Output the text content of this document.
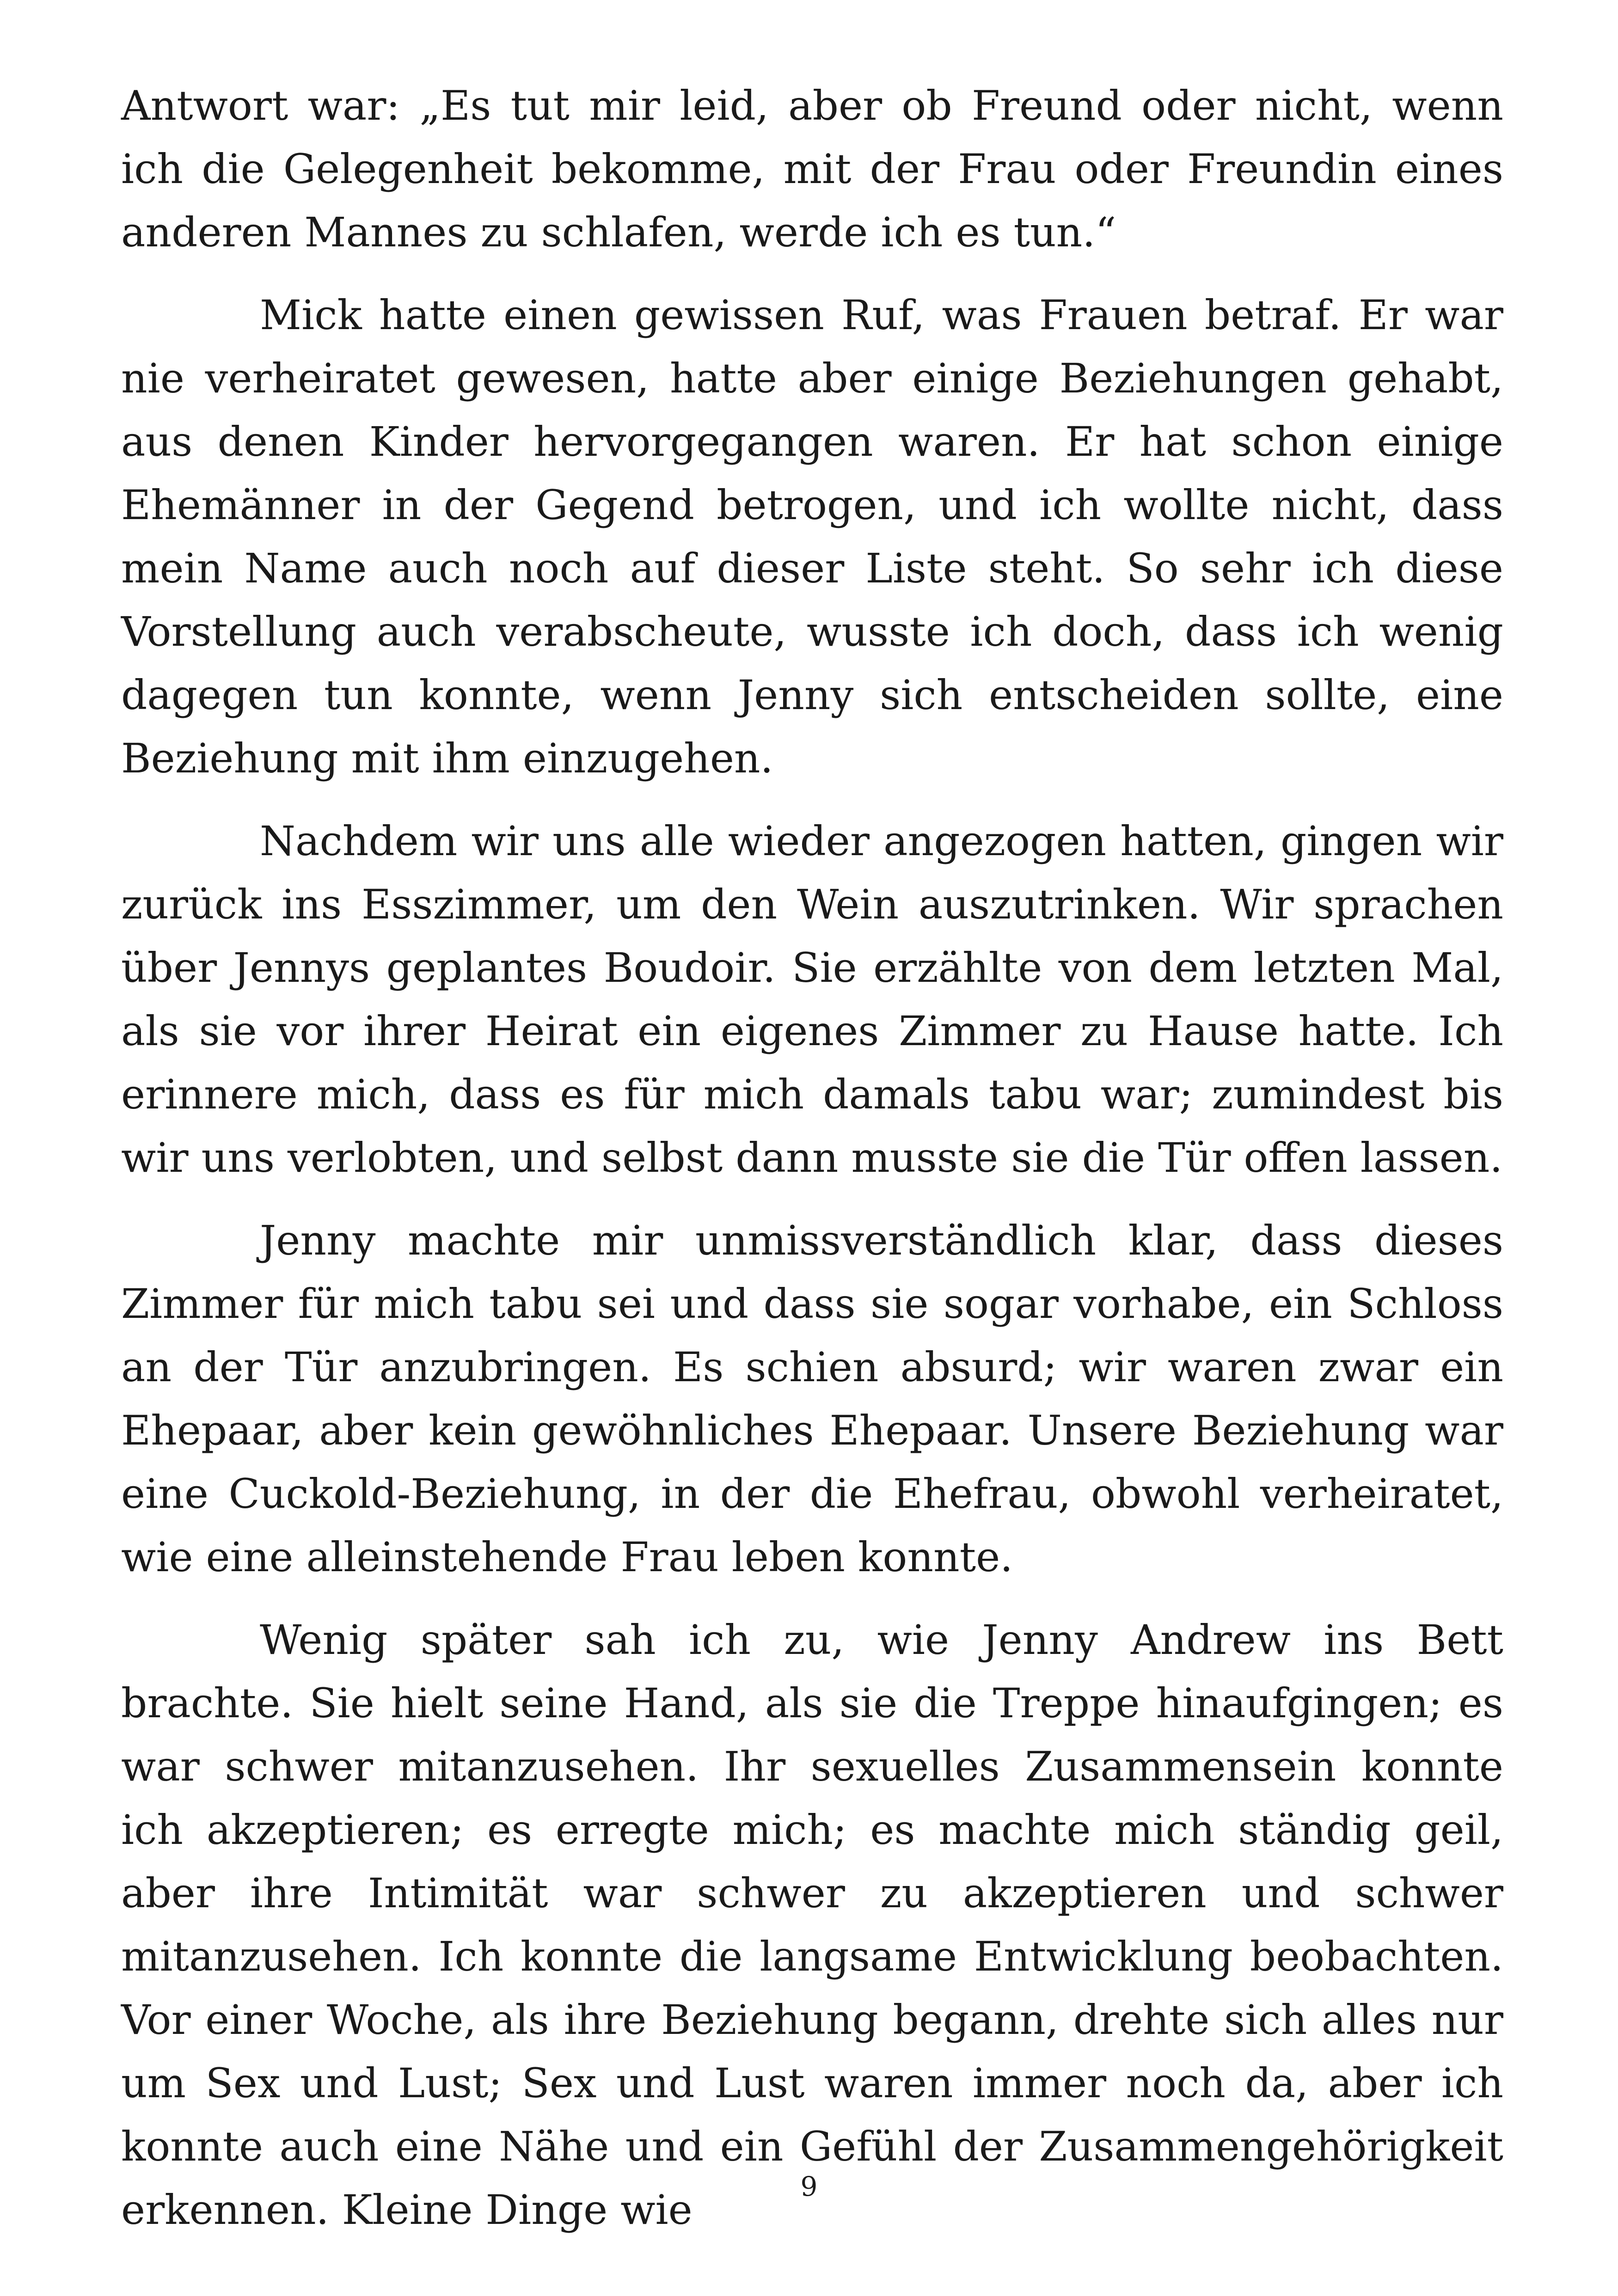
Antwort war: „Es tut mir leid, aber ob Freund oder nicht, wenn ich die Gelegenheit bekomme, mit der Frau oder Freundin eines anderen Mannes zu schlafen, werde ich es tun.“

Mick hatte einen gewissen Ruf, was Frauen betraf. Er war nie verheiratet gewesen, hatte aber einige Beziehungen gehabt, aus denen Kinder hervorgegangen waren. Er hat schon einige Ehemänner in der Gegend betrogen, und ich wollte nicht, dass mein Name auch noch auf dieser Liste steht. So sehr ich diese Vorstellung auch verabscheute, wusste ich doch, dass ich wenig dagegen tun konnte, wenn Jenny sich entscheiden sollte, eine Beziehung mit ihm einzugehen.

Nachdem wir uns alle wieder angezogen hatten, gingen wir zurück ins Esszimmer, um den Wein auszutrinken. Wir sprachen über Jennys geplantes Boudoir. Sie erzählte von dem letzten Mal, als sie vor ihrer Heirat ein eigenes Zimmer zu Hause hatte. Ich erinnere mich, dass es für mich damals tabu war; zumindest bis wir uns verlobten, und selbst dann musste sie die Tür offen lassen.

Jenny machte mir unmissverständlich klar, dass dieses Zimmer für mich tabu sei und dass sie sogar vorhabe, ein Schloss an der Tür anzubringen. Es schien absurd; wir waren zwar ein Ehepaar, aber kein gewöhnliches Ehepaar. Unsere Beziehung war eine Cuckold-Beziehung, in der die Ehefrau, obwohl verheiratet, wie eine alleinstehende Frau leben konnte.

Wenig später sah ich zu, wie Jenny Andrew ins Bett brachte. Sie hielt seine Hand, als sie die Treppe hinaufgingen; es war schwer mitanzusehen. Ihr sexuelles Zusammensein konnte ich akzeptieren; es erregte mich; es machte mich ständig geil, aber ihre Intimität war schwer zu akzeptieren und schwer mitanzusehen. Ich konnte die langsame Entwicklung beobachten. Vor einer Woche, als ihre Beziehung begann, drehte sich alles nur um Sex und Lust; Sex und Lust waren immer noch da, aber ich konnte auch eine Nähe und ein Gefühl der Zusammengehörigkeit erkennen. Kleine Dinge wie	9
